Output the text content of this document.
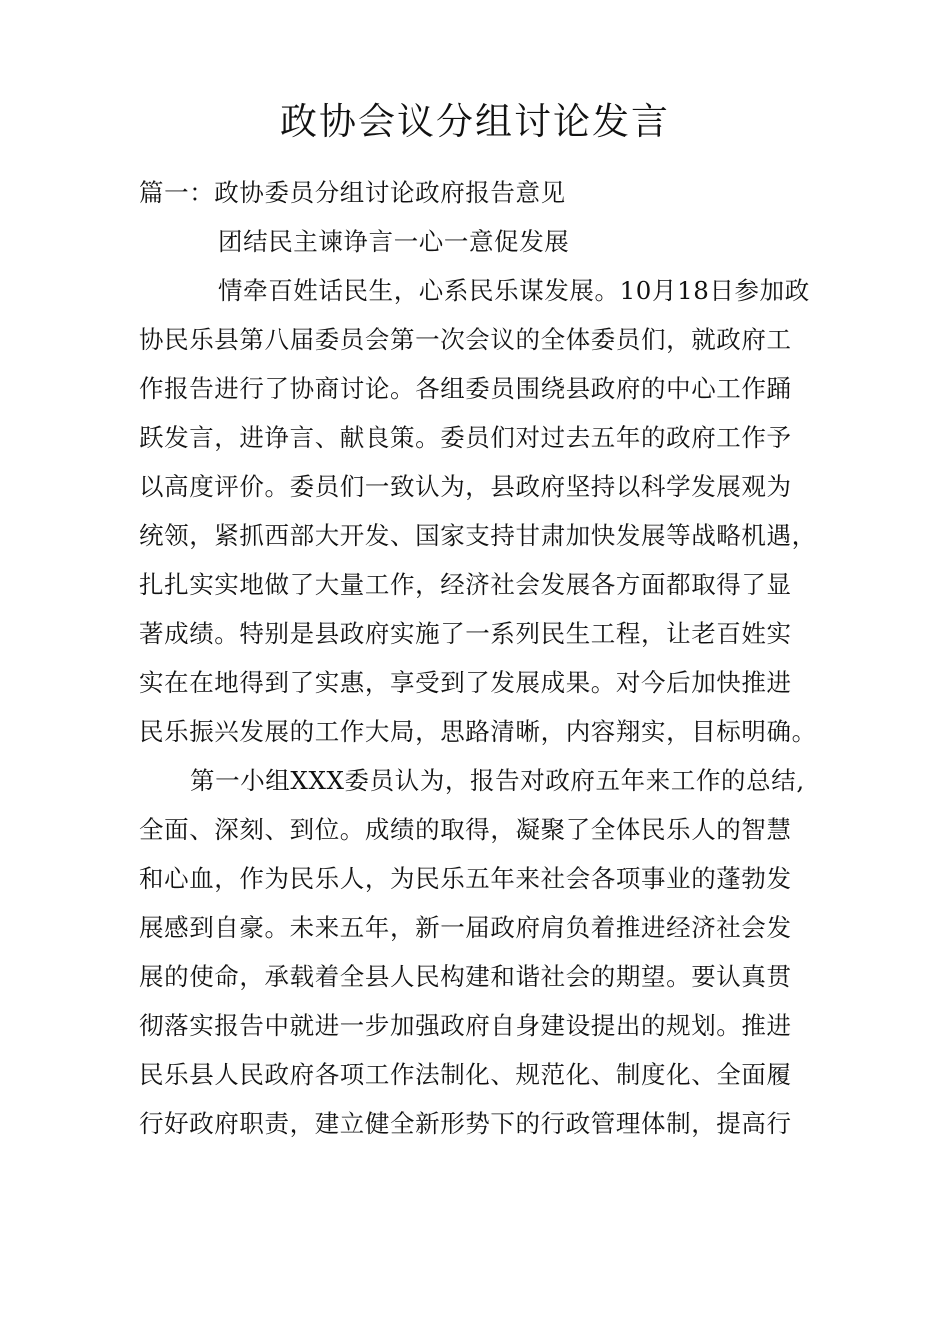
政协会议分组讨论发言

篇一：政协委员分组讨论政府报告意见

团结民主谏诤言一心一意促发展

情牵百姓话民生，心系民乐谋发展。10月18日参加政

协民乐县第八届委员会第一次会议的全体委员们，就政府工

作报告进行了协商讨论。各组委员围绕县政府的中心工作踊

跃发言，进诤言、献良策。委员们对过去五年的政府工作予

以高度评价。委员们一致认为，县政府坚持以科学发展观为

统领，紧抓西部大开发、国家支持甘肃加快发展等战略机遇，

扎扎实实地做了大量工作，经济社会发展各方面都取得了显

著成绩。特别是县政府实施了一系列民生工程，让老百姓实

实在在地得到了实惠，享受到了发展成果。对今后加快推进

民乐振兴发展的工作大局，思路清晰，内容翔实，目标明确。

第一小组XXX委员认为，报告对政府五年来工作的总结,

全面、深刻、到位。成绩的取得，凝聚了全体民乐人的智慧

和心血，作为民乐人，为民乐五年来社会各项事业的蓬勃发

展感到自豪。未来五年，新一届政府肩负着推进经济社会发

展的使命，承载着全县人民构建和谐社会的期望。要认真贯

彻落实报告中就进一步加强政府自身建设提出的规划。推进

民乐县人民政府各项工作法制化、规范化、制度化、全面履

行好政府职责，建立健全新形势下的行政管理体制，提高行
